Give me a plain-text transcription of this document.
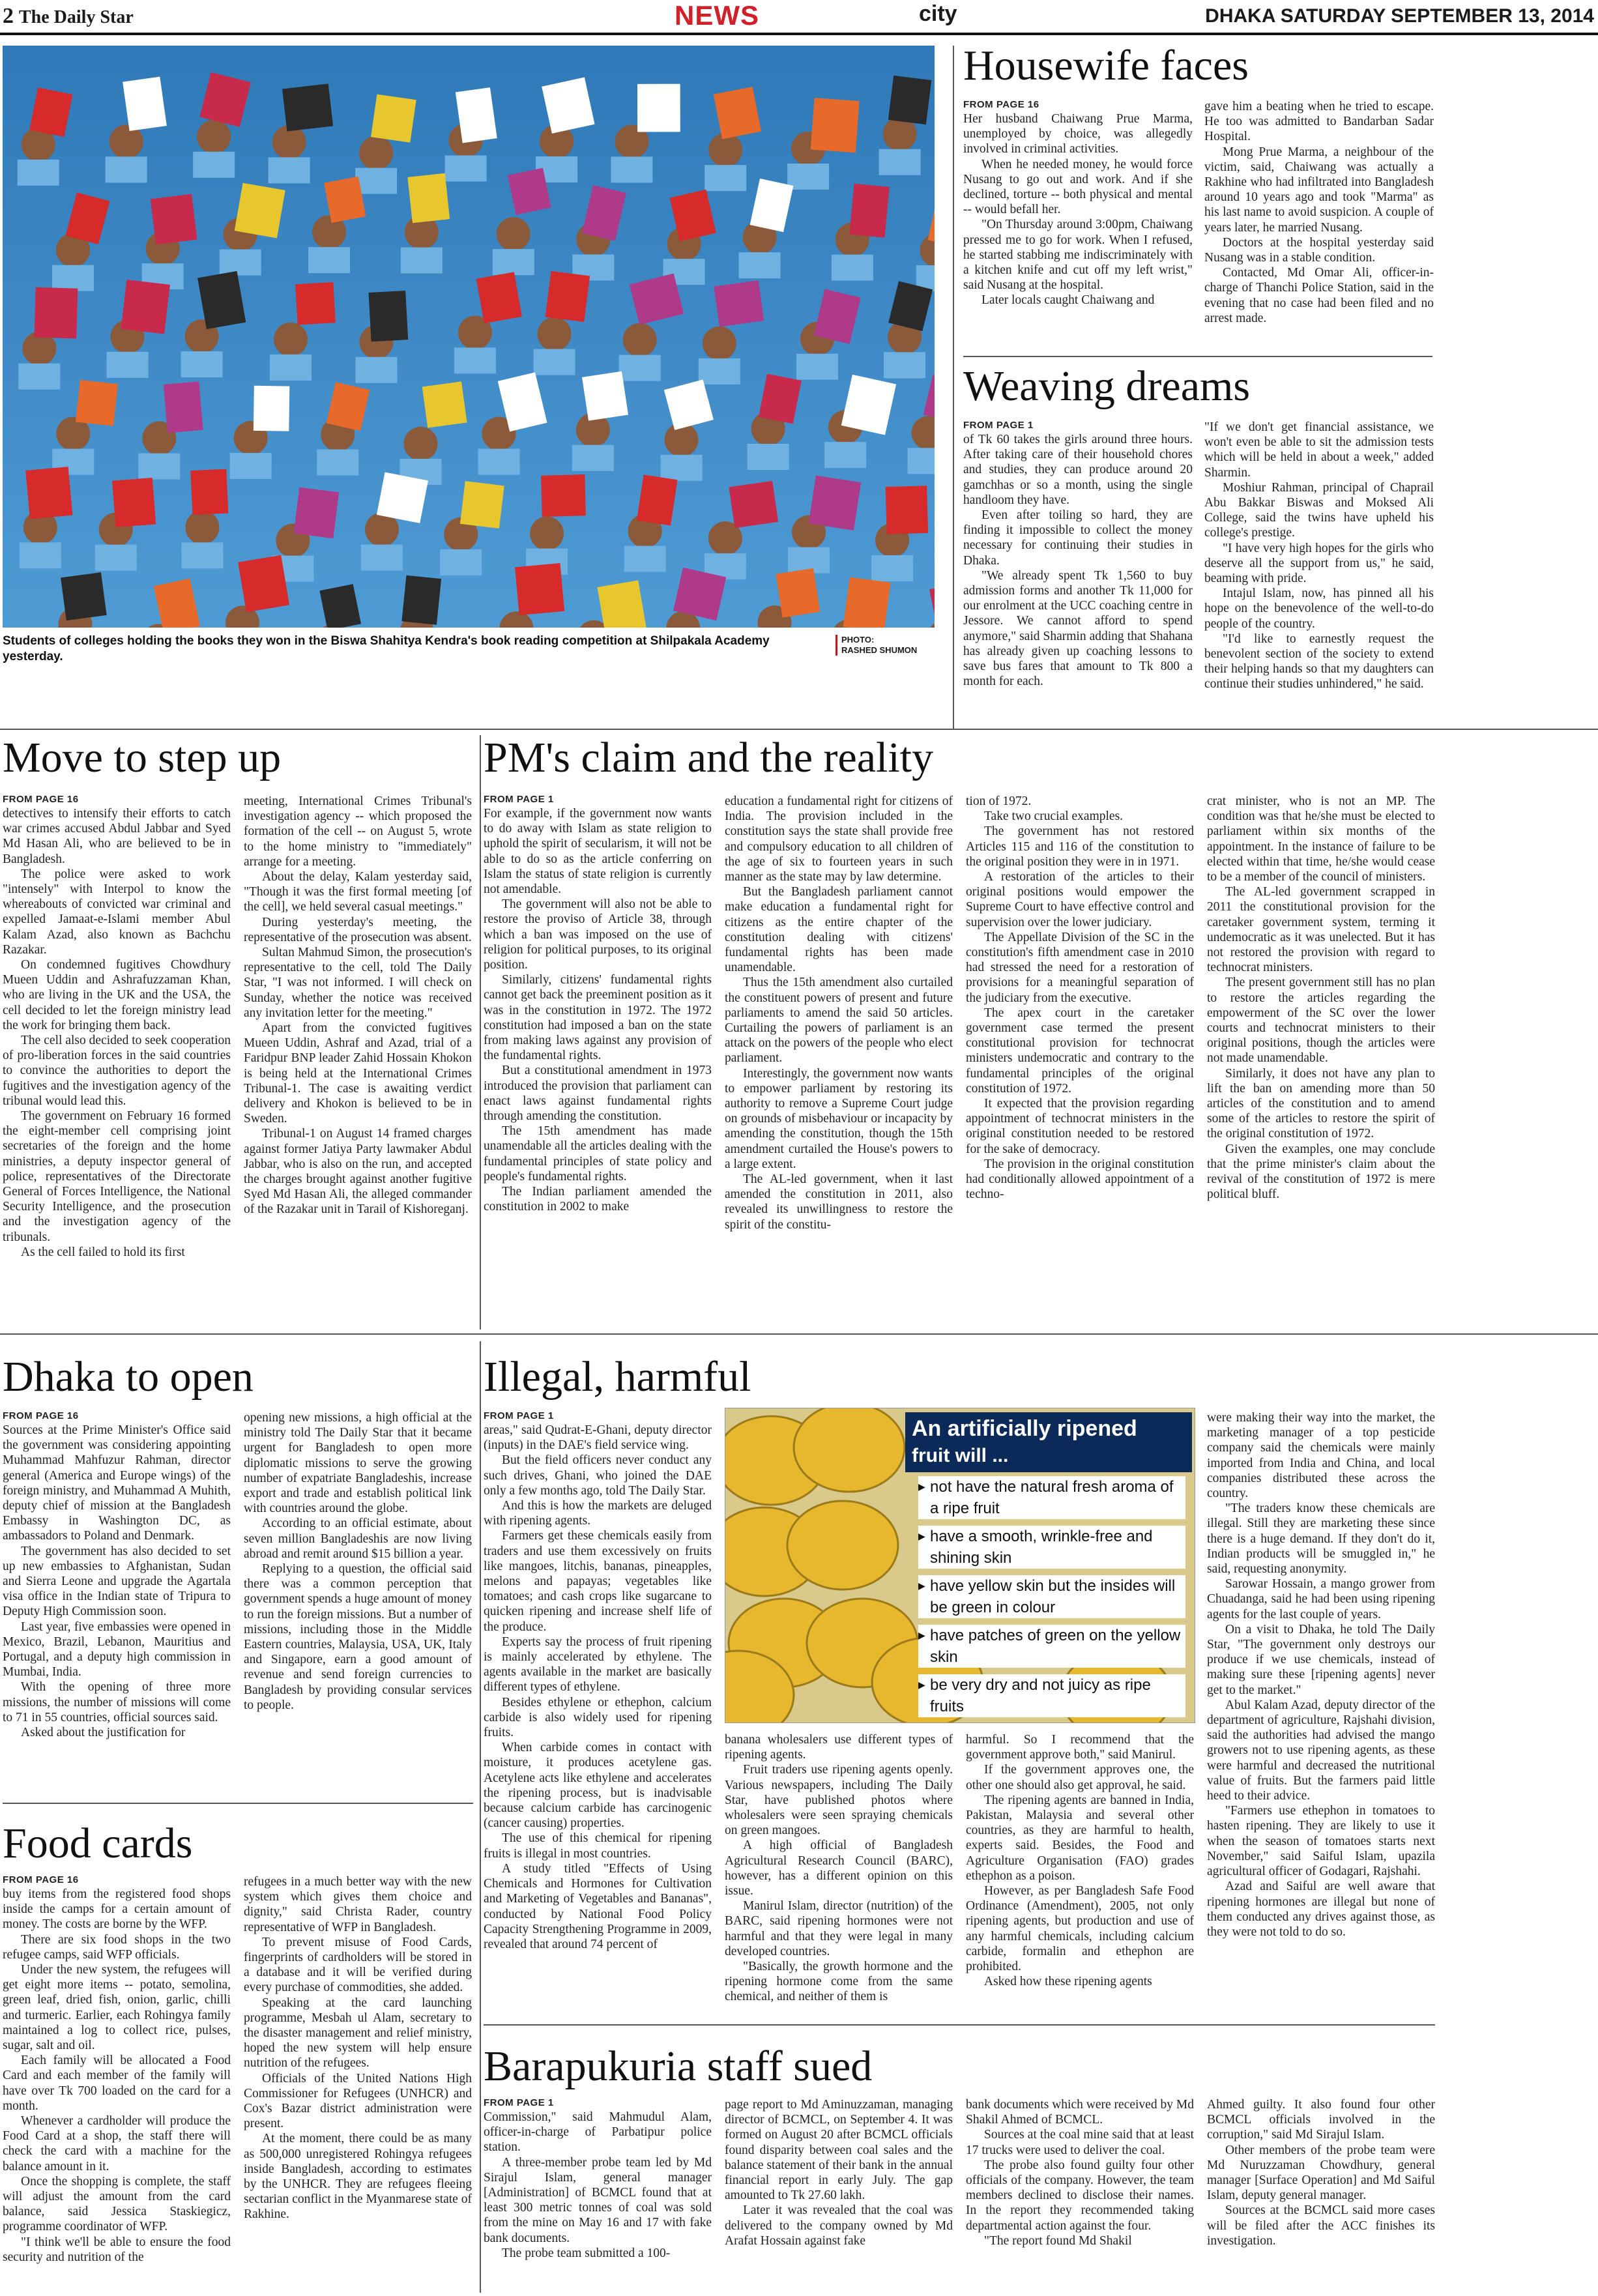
2 The Daily Star	NEWS	city	DHAKA SATURDAY SEPTEMBER 13, 2014
Students of colleges holding the books they won in the Biswa Shahitya Kendra's book reading competition at Shilpakala Academy yesterday.
PHOTO:
RASHED SHUMON
Housewife faces
FROM PAGE 16

Her husband Chaiwang Prue Marma, unemployed by choice, was allegedly involved in criminal activities.

When he needed money, he would force Nusang to go out and work. And if she declined, torture -- both physical and mental -- would befall her.

"On Thursday around 3:00pm, Chaiwang pressed me to go for work. When I refused, he started stabbing me indiscriminately with a kitchen knife and cut off my left wrist," said Nusang at the hospital.

Later locals caught Chaiwang and

gave him a beating when he tried to escape. He too was admitted to Bandarban Sadar Hospital.

Mong Prue Marma, a neighbour of the victim, said, Chaiwang was actually a Rakhine who had infiltrated into Bangladesh around 10 years ago and took "Marma" as his last name to avoid suspicion. A couple of years later, he married Nusang.

Doctors at the hospital yesterday said Nusang was in a stable condition.

Contacted, Md Omar Ali, officer-in-charge of Thanchi Police Station, said in the evening that no case had been filed and no arrest made.

Weaving dreams
FROM PAGE 1

of Tk 60 takes the girls around three hours. After taking care of their household chores and studies, they can produce around 20 gamchhas or so a month, using the single handloom they have.

Even after toiling so hard, they are finding it impossible to collect the money necessary for continuing their studies in Dhaka.

"We already spent Tk 1,560 to buy admission forms and another Tk 11,000 for our enrolment at the UCC coaching centre in Jessore. We cannot afford to spend anymore," said Sharmin adding that Shahana has already given up coaching lessons to save bus fares that amount to Tk 800 a month for each.

"If we don't get financial assistance, we won't even be able to sit the admission tests which will be held in about a week," added Sharmin.

Moshiur Rahman, principal of Chaprail Abu Bakkar Biswas and Moksed Ali College, said the twins have upheld his college's prestige.

"I have very high hopes for the girls who deserve all the support from us," he said, beaming with pride.

Intajul Islam, now, has pinned all his hope on the benevolence of the well-to-do people of the country.

"I'd like to earnestly request the benevolent section of the society to extend their helping hands so that my daughters can continue their studies unhindered," he said.

Move to step up
FROM PAGE 16

detectives to intensify their efforts to catch war crimes accused Abdul Jabbar and Syed Md Hasan Ali, who are believed to be in Bangladesh.

The police were asked to work "intensely" with Interpol to know the whereabouts of convicted war criminal and expelled Jamaat-e-Islami member Abul Kalam Azad, also known as Bachchu Razakar.

On condemned fugitives Chowdhury Mueen Uddin and Ashrafuzzaman Khan, who are living in the UK and the USA, the cell decided to let the foreign ministry lead the work for bringing them back.

The cell also decided to seek cooperation of pro-liberation forces in the said countries to convince the authorities to deport the fugitives and the investigation agency of the tribunal would lead this.

The government on February 16 formed the eight-member cell comprising joint secretaries of the foreign and the home ministries, a deputy inspector general of police, representatives of the Directorate General of Forces Intelligence, the National Security Intelligence, and the prosecution and the investigation agency of the tribunals.

As the cell failed to hold its first

meeting, International Crimes Tribunal's investigation agency -- which proposed the formation of the cell -- on August 5, wrote to the home ministry to "immediately" arrange for a meeting.

About the delay, Kalam yesterday said, "Though it was the first formal meeting [of the cell], we held several casual meetings."

During yesterday's meeting, the representative of the prosecution was absent.

Sultan Mahmud Simon, the prosecution's representative to the cell, told The Daily Star, "I was not informed. I will check on Sunday, whether the notice was received any invitation letter for the meeting."

Apart from the convicted fugitives Mueen Uddin, Ashraf and Azad, trial of a Faridpur BNP leader Zahid Hossain Khokon is being held at the International Crimes Tribunal-1. The case is awaiting verdict delivery and Khokon is believed to be in Sweden.

Tribunal-1 on August 14 framed charges against former Jatiya Party lawmaker Abdul Jabbar, who is also on the run, and accepted the charges brought against another fugitive Syed Md Hasan Ali, the alleged commander of the Razakar unit in Tarail of Kishoreganj.

PM's claim and the reality
FROM PAGE 1

For example, if the government now wants to do away with Islam as state religion to uphold the spirit of secularism, it will not be able to do so as the article conferring on Islam the status of state religion is currently not amendable.

The government will also not be able to restore the proviso of Article 38, through which a ban was imposed on the use of religion for political purposes, to its original position.

Similarly, citizens' fundamental rights cannot get back the preeminent position as it was in the constitution in 1972. The 1972 constitution had imposed a ban on the state from making laws against any provision of the fundamental rights.

But a constitutional amendment in 1973 introduced the provision that parliament can enact laws against fundamental rights through amending the constitution.

The 15th amendment has made unamendable all the articles dealing with the fundamental principles of state policy and people's fundamental rights.

The Indian parliament amended the constitution in 2002 to make

education a fundamental right for citizens of India. The provision included in the constitution says the state shall provide free and compulsory education to all children of the age of six to fourteen years in such manner as the state may by law determine.

But the Bangladesh parliament cannot make education a fundamental right for citizens as the entire chapter of the constitution dealing with citizens' fundamental rights has been made unamendable.

Thus the 15th amendment also curtailed the constituent powers of present and future parliaments to amend the said 50 articles. Curtailing the powers of parliament is an attack on the powers of the people who elect parliament.

Interestingly, the government now wants to empower parliament by restoring its authority to remove a Supreme Court judge on grounds of misbehaviour or incapacity by amending the constitution, though the 15th amendment curtailed the House's powers to a large extent.

The AL-led government, when it last amended the constitution in 2011, also revealed its unwillingness to restore the spirit of the constitu-

tion of 1972.

Take two crucial examples.

The government has not restored Articles 115 and 116 of the constitution to the original position they were in in 1971.

A restoration of the articles to their original positions would empower the Supreme Court to have effective control and supervision over the lower judiciary.

The Appellate Division of the SC in the constitution's fifth amendment case in 2010 had stressed the need for a restoration of provisions for a meaningful separation of the judiciary from the executive.

The apex court in the caretaker government case termed the present constitutional provision for technocrat ministers undemocratic and contrary to the fundamental principles of the original constitution of 1972.

It expected that the provision regarding appointment of technocrat ministers in the original constitution needed to be restored for the sake of democracy.

The provision in the original constitution had conditionally allowed appointment of a techno-

crat minister, who is not an MP. The condition was that he/she must be elected to parliament within six months of the appointment. In the instance of failure to be elected within that time, he/she would cease to be a member of the council of ministers.

The AL-led government scrapped in 2011 the constitutional provision for the caretaker government system, terming it undemocratic as it was unelected. But it has not restored the provision with regard to technocrat ministers.

The present government still has no plan to restore the articles regarding the empowerment of the SC over the lower courts and technocrat ministers to their original positions, though the articles were not made unamendable.

Similarly, it does not have any plan to lift the ban on amending more than 50 articles of the constitution and to amend some of the articles to restore the spirit of the original constitution of 1972.

Given the examples, one may conclude that the prime minister's claim about the revival of the constitution of 1972 is mere political bluff.

Dhaka to open
FROM PAGE 16

Sources at the Prime Minister's Office said the government was considering appointing Muhammad Mahfuzur Rahman, director general (America and Europe wings) of the foreign ministry, and Muhammad A Muhith, deputy chief of mission at the Bangladesh Embassy in Washington DC, as ambassadors to Poland and Denmark.

The government has also decided to set up new embassies to Afghanistan, Sudan and Sierra Leone and upgrade the Agartala visa office in the Indian state of Tripura to Deputy High Commission soon.

Last year, five embassies were opened in Mexico, Brazil, Lebanon, Mauritius and Portugal, and a deputy high commission in Mumbai, India.

With the opening of three more missions, the number of missions will come to 71 in 55 countries, official sources said.

Asked about the justification for

opening new missions, a high official at the ministry told The Daily Star that it became urgent for Bangladesh to open more diplomatic missions to serve the growing number of expatriate Bangladeshis, increase export and trade and establish political link with countries around the globe.

According to an official estimate, about seven million Bangladeshis are now living abroad and remit around $15 billion a year.

Replying to a question, the official said there was a common perception that government spends a huge amount of money to run the foreign missions. But a number of missions, including those in the Middle Eastern countries, Malaysia, USA, UK, Italy and Singapore, earn a good amount of revenue and send foreign currencies to Bangladesh by providing consular services to people.

Food cards
FROM PAGE 16

buy items from the registered food shops inside the camps for a certain amount of money. The costs are borne by the WFP.

There are six food shops in the two refugee camps, said WFP officials.

Under the new system, the refugees will get eight more items -- potato, semolina, green leaf, dried fish, onion, garlic, chilli and turmeric. Earlier, each Rohingya family maintained a log to collect rice, pulses, sugar, salt and oil.

Each family will be allocated a Food Card and each member of the family will have over Tk 700 loaded on the card for a month.

Whenever a cardholder will produce the Food Card at a shop, the staff there will check the card with a machine for the balance amount in it.

Once the shopping is complete, the staff will adjust the amount from the card balance, said Jessica Staskiegicz, programme coordinator of WFP.

"I think we'll be able to ensure the food security and nutrition of the

refugees in a much better way with the new system which gives them choice and dignity," said Christa Rader, country representative of WFP in Bangladesh.

To prevent misuse of Food Cards, fingerprints of cardholders will be stored in a database and it will be verified during every purchase of commodities, she added.

Speaking at the card launching programme, Mesbah ul Alam, secretary to the disaster management and relief ministry, hoped the new system will help ensure nutrition of the refugees.

Officials of the United Nations High Commissioner for Refugees (UNHCR) and Cox's Bazar district administration were present.

At the moment, there could be as many as 500,000 unregistered Rohingya refugees inside Bangladesh, according to estimates by the UNHCR. They are refugees fleeing sectarian conflict in the Myanmarese state of Rakhine.

Illegal, harmful
FROM PAGE 1

areas," said Qudrat-E-Ghani, deputy director (inputs) in the DAE's field service wing.

But the field officers never conduct any such drives, Ghani, who joined the DAE only a few months ago, told The Daily Star.

And this is how the markets are deluged with ripening agents.

Farmers get these chemicals easily from traders and use them excessively on fruits like mangoes, litchis, bananas, pineapples, melons and papayas; vegetables like tomatoes; and cash crops like sugarcane to quicken ripening and increase shelf life of the produce.

Experts say the process of fruit ripening is mainly accelerated by ethylene. The agents available in the market are basically different types of ethylene.

Besides ethylene or ethephon, calcium carbide is also widely used for ripening fruits.

When carbide comes in contact with moisture, it produces acetylene gas. Acetylene acts like ethylene and accelerates the ripening process, but is inadvisable because calcium carbide has carcinogenic (cancer causing) properties.

The use of this chemical for ripening fruits is illegal in most countries.

A study titled "Effects of Using Chemicals and Hormones for Cultivation and Marketing of Vegetables and Bananas", conducted by National Food Policy Capacity Strengthening Programme in 2009, revealed that around 74 percent of

An artificially ripened
fruit will ...
▶ not have the natural fresh aroma of a ripe fruit
▶ have a smooth, wrinkle-free and shining skin
▶ have yellow skin but the insides will be green in colour
▶ have patches of green on the yellow skin
▶ be very dry and not juicy as ripe fruits

banana wholesalers use different types of ripening agents.

Fruit traders use ripening agents openly. Various newspapers, including The Daily Star, have published photos where wholesalers were seen spraying chemicals on green mangoes.

A high official of Bangladesh Agricultural Research Council (BARC), however, has a different opinion on this issue.

Manirul Islam, director (nutrition) of the BARC, said ripening hormones were not harmful and that they were legal in many developed countries.

"Basically, the growth hormone and the ripening hormone come from the same chemical, and neither of them is

harmful. So I recommend that the government approve both," said Manirul.

If the government approves one, the other one should also get approval, he said.

The ripening agents are banned in India, Pakistan, Malaysia and several other countries, as they are harmful to health, experts said. Besides, the Food and Agriculture Organisation (FAO) grades ethephon as a poison.

However, as per Bangladesh Safe Food Ordinance (Amendment), 2005, not only ripening agents, but production and use of any harmful chemicals, including calcium carbide, formalin and ethephon are prohibited.

Asked how these ripening agents

were making their way into the market, the marketing manager of a top pesticide company said the chemicals were mainly imported from India and China, and local companies distributed these across the country.

"The traders know these chemicals are illegal. Still they are marketing these since there is a huge demand. If they don't do it, Indian products will be smuggled in," he said, requesting anonymity.

Sarowar Hossain, a mango grower from Chuadanga, said he had been using ripening agents for the last couple of years.

On a visit to Dhaka, he told The Daily Star, "The government only destroys our produce if we use chemicals, instead of making sure these [ripening agents] never get to the market."

Abul Kalam Azad, deputy director of the department of agriculture, Rajshahi division, said the authorities had advised the mango growers not to use ripening agents, as these were harmful and decreased the nutritional value of fruits. But the farmers paid little heed to their advice.

"Farmers use ethephon in tomatoes to hasten ripening. They are likely to use it when the season of tomatoes starts next November," said Saiful Islam, upazila agricultural officer of Godagari, Rajshahi.

Azad and Saiful are well aware that ripening hormones are illegal but none of them conducted any drives against those, as they were not told to do so.

Barapukuria staff sued
FROM PAGE 1

Commission," said Mahmudul Alam, officer-in-charge of Parbatipur police station.

A three-member probe team led by Md Sirajul Islam, general manager [Administration] of BCMCL found that at least 300 metric tonnes of coal was sold from the mine on May 16 and 17 with fake bank documents.

The probe team submitted a 100-

page report to Md Aminuzzaman, managing director of BCMCL, on September 4. It was formed on August 20 after BCMCL officials found disparity between coal sales and the balance statement of their bank in the annual financial report in early July. The gap amounted to Tk 27.60 lakh.

Later it was revealed that the coal was delivered to the company owned by Md Arafat Hossain against fake

bank documents which were received by Md Shakil Ahmed of BCMCL.

Sources at the coal mine said that at least 17 trucks were used to deliver the coal.

The probe also found guilty four other officials of the company. However, the team members declined to disclose their names. In the report they recommended taking departmental action against the four.

"The report found Md Shakil

Ahmed guilty. It also found four other BCMCL officials involved in the corruption," said Md Sirajul Islam.

Other members of the probe team were Md Nuruzzaman Chowdhury, general manager [Surface Operation] and Md Saiful Islam, deputy general manager.

Sources at the BCMCL said more cases will be filed after the ACC finishes its investigation.
